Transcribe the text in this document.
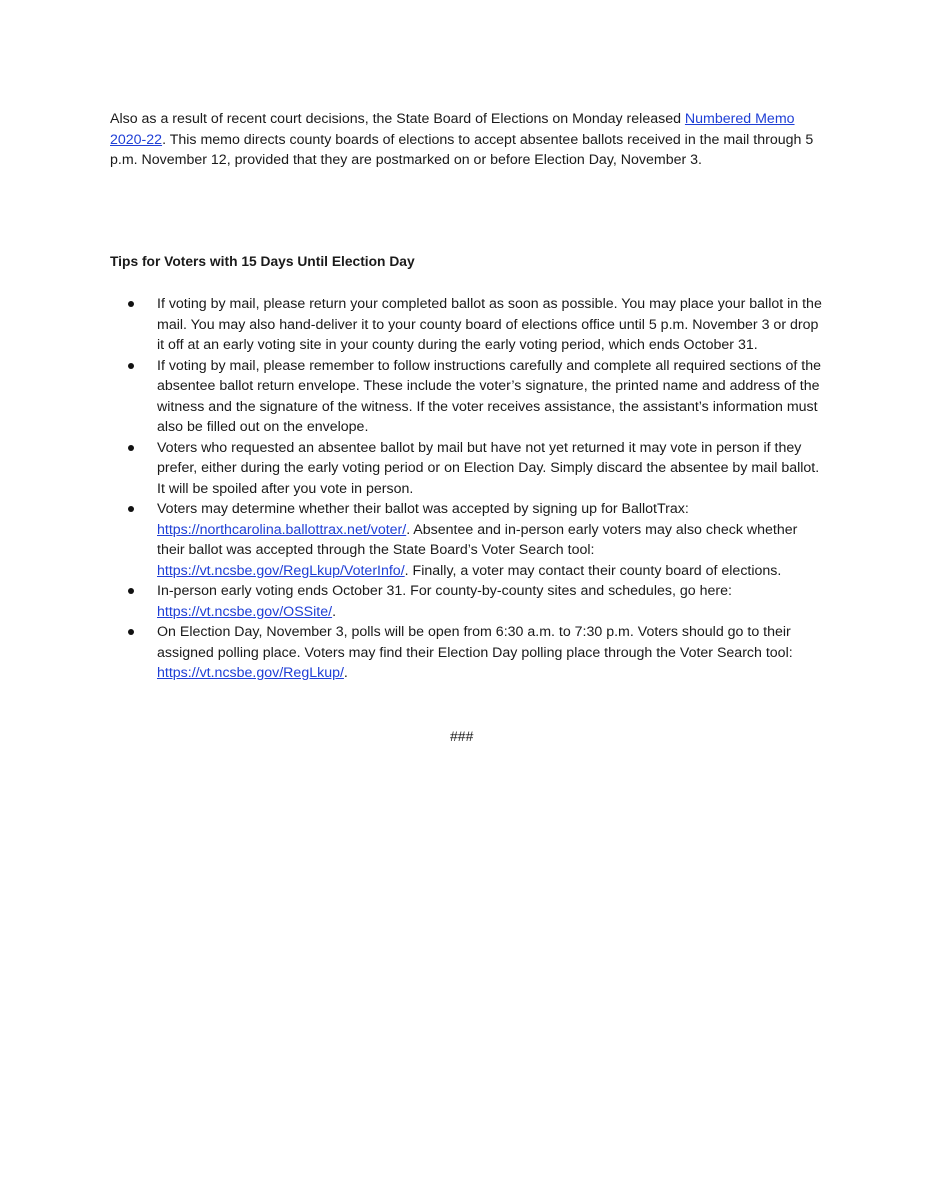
Also as a result of recent court decisions, the State Board of Elections on Monday released Numbered Memo 2020-22. This memo directs county boards of elections to accept absentee ballots received in the mail through 5 p.m. November 12, provided that they are postmarked on or before Election Day, November 3.

Tips for Voters with 15 Days Until Election Day

If voting by mail, please return your completed ballot as soon as possible. You may place your ballot in the mail. You may also hand-deliver it to your county board of elections office until 5 p.m. November 3 or drop it off at an early voting site in your county during the early voting period, which ends October 31.
If voting by mail, please remember to follow instructions carefully and complete all required sections of the absentee ballot return envelope. These include the voter’s signature, the printed name and address of the witness and the signature of the witness. If the voter receives assistance, the assistant’s information must also be filled out on the envelope.
Voters who requested an absentee ballot by mail but have not yet returned it may vote in person if they prefer, either during the early voting period or on Election Day. Simply discard the absentee by mail ballot. It will be spoiled after you vote in person.
Voters may determine whether their ballot was accepted by signing up for BallotTrax: https://northcarolina.ballottrax.net/voter/. Absentee and in-person early voters may also check whether their ballot was accepted through the State Board’s Voter Search tool: https://vt.ncsbe.gov/RegLkup/VoterInfo/. Finally, a voter may contact their county board of elections.
In-person early voting ends October 31. For county-by-county sites and schedules, go here: https://vt.ncsbe.gov/OSSite/.
On Election Day, November 3, polls will be open from 6:30 a.m. to 7:30 p.m. Voters should go to their assigned polling place. Voters may find their Election Day polling place through the Voter Search tool: https://vt.ncsbe.gov/RegLkup/.
###
